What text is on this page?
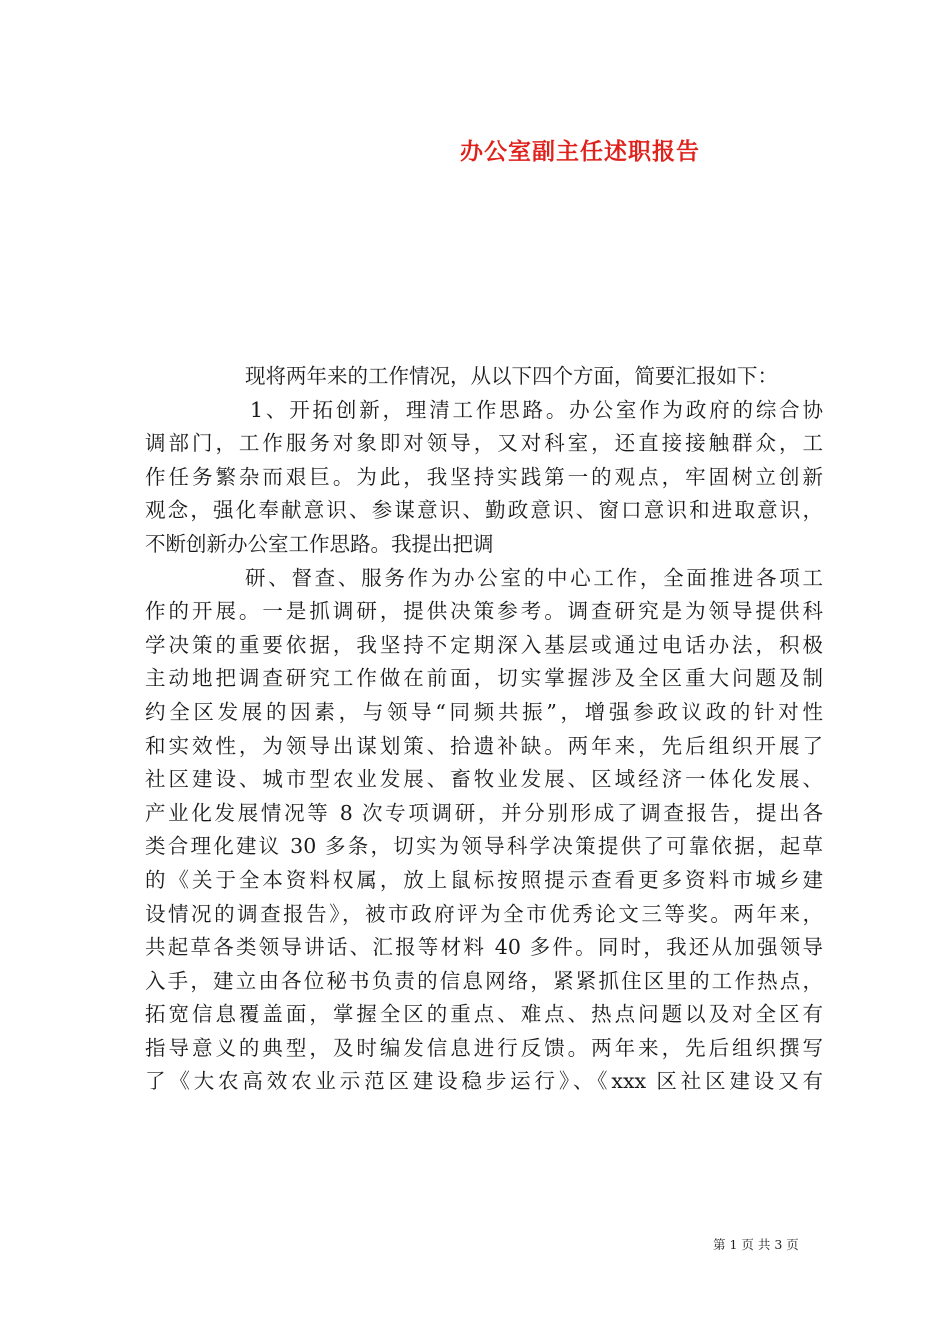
办公室副主任述职报告
现将两年来的工作情况，从以下四个方面，简要汇报如下：
1、开拓创新，理清工作思路。办公室作为政府的综合协
调部门，工作服务对象即对领导，又对科室，还直接接触群众，工
作任务繁杂而艰巨。为此，我坚持实践第一的观点，牢固树立创新
观念，强化奉献意识、参谋意识、勤政意识、窗口意识和进取意识，
不断创新办公室工作思路。我提出把调
研、督查、服务作为办公室的中心工作，全面推进各项工
作的开展。一是抓调研，提供决策参考。调查研究是为领导提供科
学决策的重要依据，我坚持不定期深入基层或通过电话办法，积极
主动地把调查研究工作做在前面，切实掌握涉及全区重大问题及制
约全区发展的因素，与领导“同频共振”，增强参政议政的针对性
和实效性，为领导出谋划策、拾遗补缺。两年来，先后组织开展了
社区建设、城市型农业发展、畜牧业发展、区域经济一体化发展、
产业化发展情况等 8 次专项调研，并分别形成了调查报告，提出各
类合理化建议 30 多条，切实为领导科学决策提供了可靠依据，起草
的《关于全本资料权属，放上鼠标按照提示查看更多资料市城乡建
设情况的调查报告》，被市政府评为全市优秀论文三等奖。两年来，
共起草各类领导讲话、汇报等材料 40 多件。同时，我还从加强领导
入手，建立由各位秘书负责的信息网络，紧紧抓住区里的工作热点，
拓宽信息覆盖面，掌握全区的重点、难点、热点问题以及对全区有
指导意义的典型，及时编发信息进行反馈。两年来，先后组织撰写
了《大农高效农业示范区建设稳步运行》、《xxx 区社区建设又有
第 1 页 共 3 页
